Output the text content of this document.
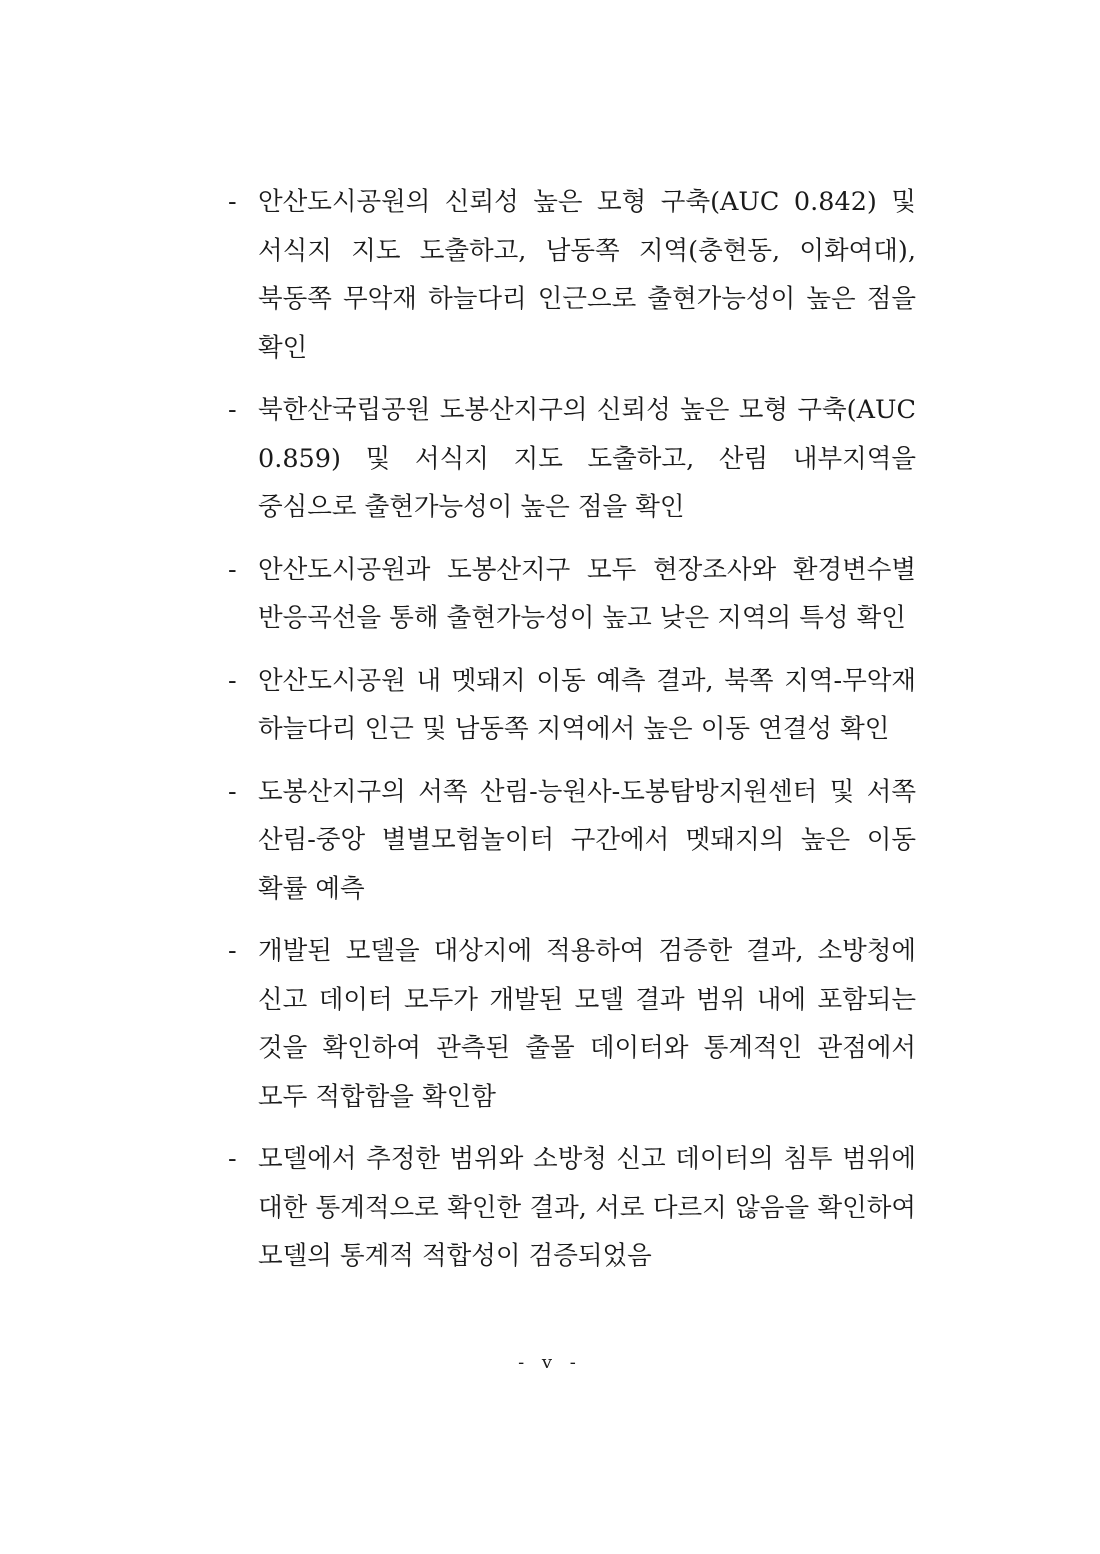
- 안산도시공원의 신뢰성 높은 모형 구축(AUC 0.842) 및 서식지 지도 도출하고, 남동쪽 지역(충현동, 이화여대), 북동쪽 무악재 하늘다리 인근으로 출현가능성이 높은 점을 확인
- 북한산국립공원 도봉산지구의 신뢰성 높은 모형 구축(AUC 0.859) 및 서식지 지도 도출하고, 산림 내부지역을 중심으로 출현가능성이 높은 점을 확인
- 안산도시공원과 도봉산지구 모두 현장조사와 환경변수별 반응곡선을 통해 출현가능성이 높고 낮은 지역의 특성 확인
- 안산도시공원 내 멧돼지 이동 예측 결과, 북쪽 지역-무악재 하늘다리 인근 및 남동쪽 지역에서 높은 이동 연결성 확인
- 도봉산지구의 서쪽 산림-능원사-도봉탐방지원센터 및 서쪽 산림-중앙 별별모험놀이터 구간에서 멧돼지의 높은 이동 확률 예측
- 개발된 모델을 대상지에 적용하여 검증한 결과, 소방청에 신고 데이터 모두가 개발된 모델 결과 범위 내에 포함되는 것을 확인하여 관측된 출몰 데이터와 통계적인 관점에서 모두 적합함을 확인함
- 모델에서 추정한 범위와 소방청 신고 데이터의 침투 범위에 대한 통계적으로 확인한 결과, 서로 다르지 않음을 확인하여 모델의 통계적 적합성이 검증되었음
- v -
